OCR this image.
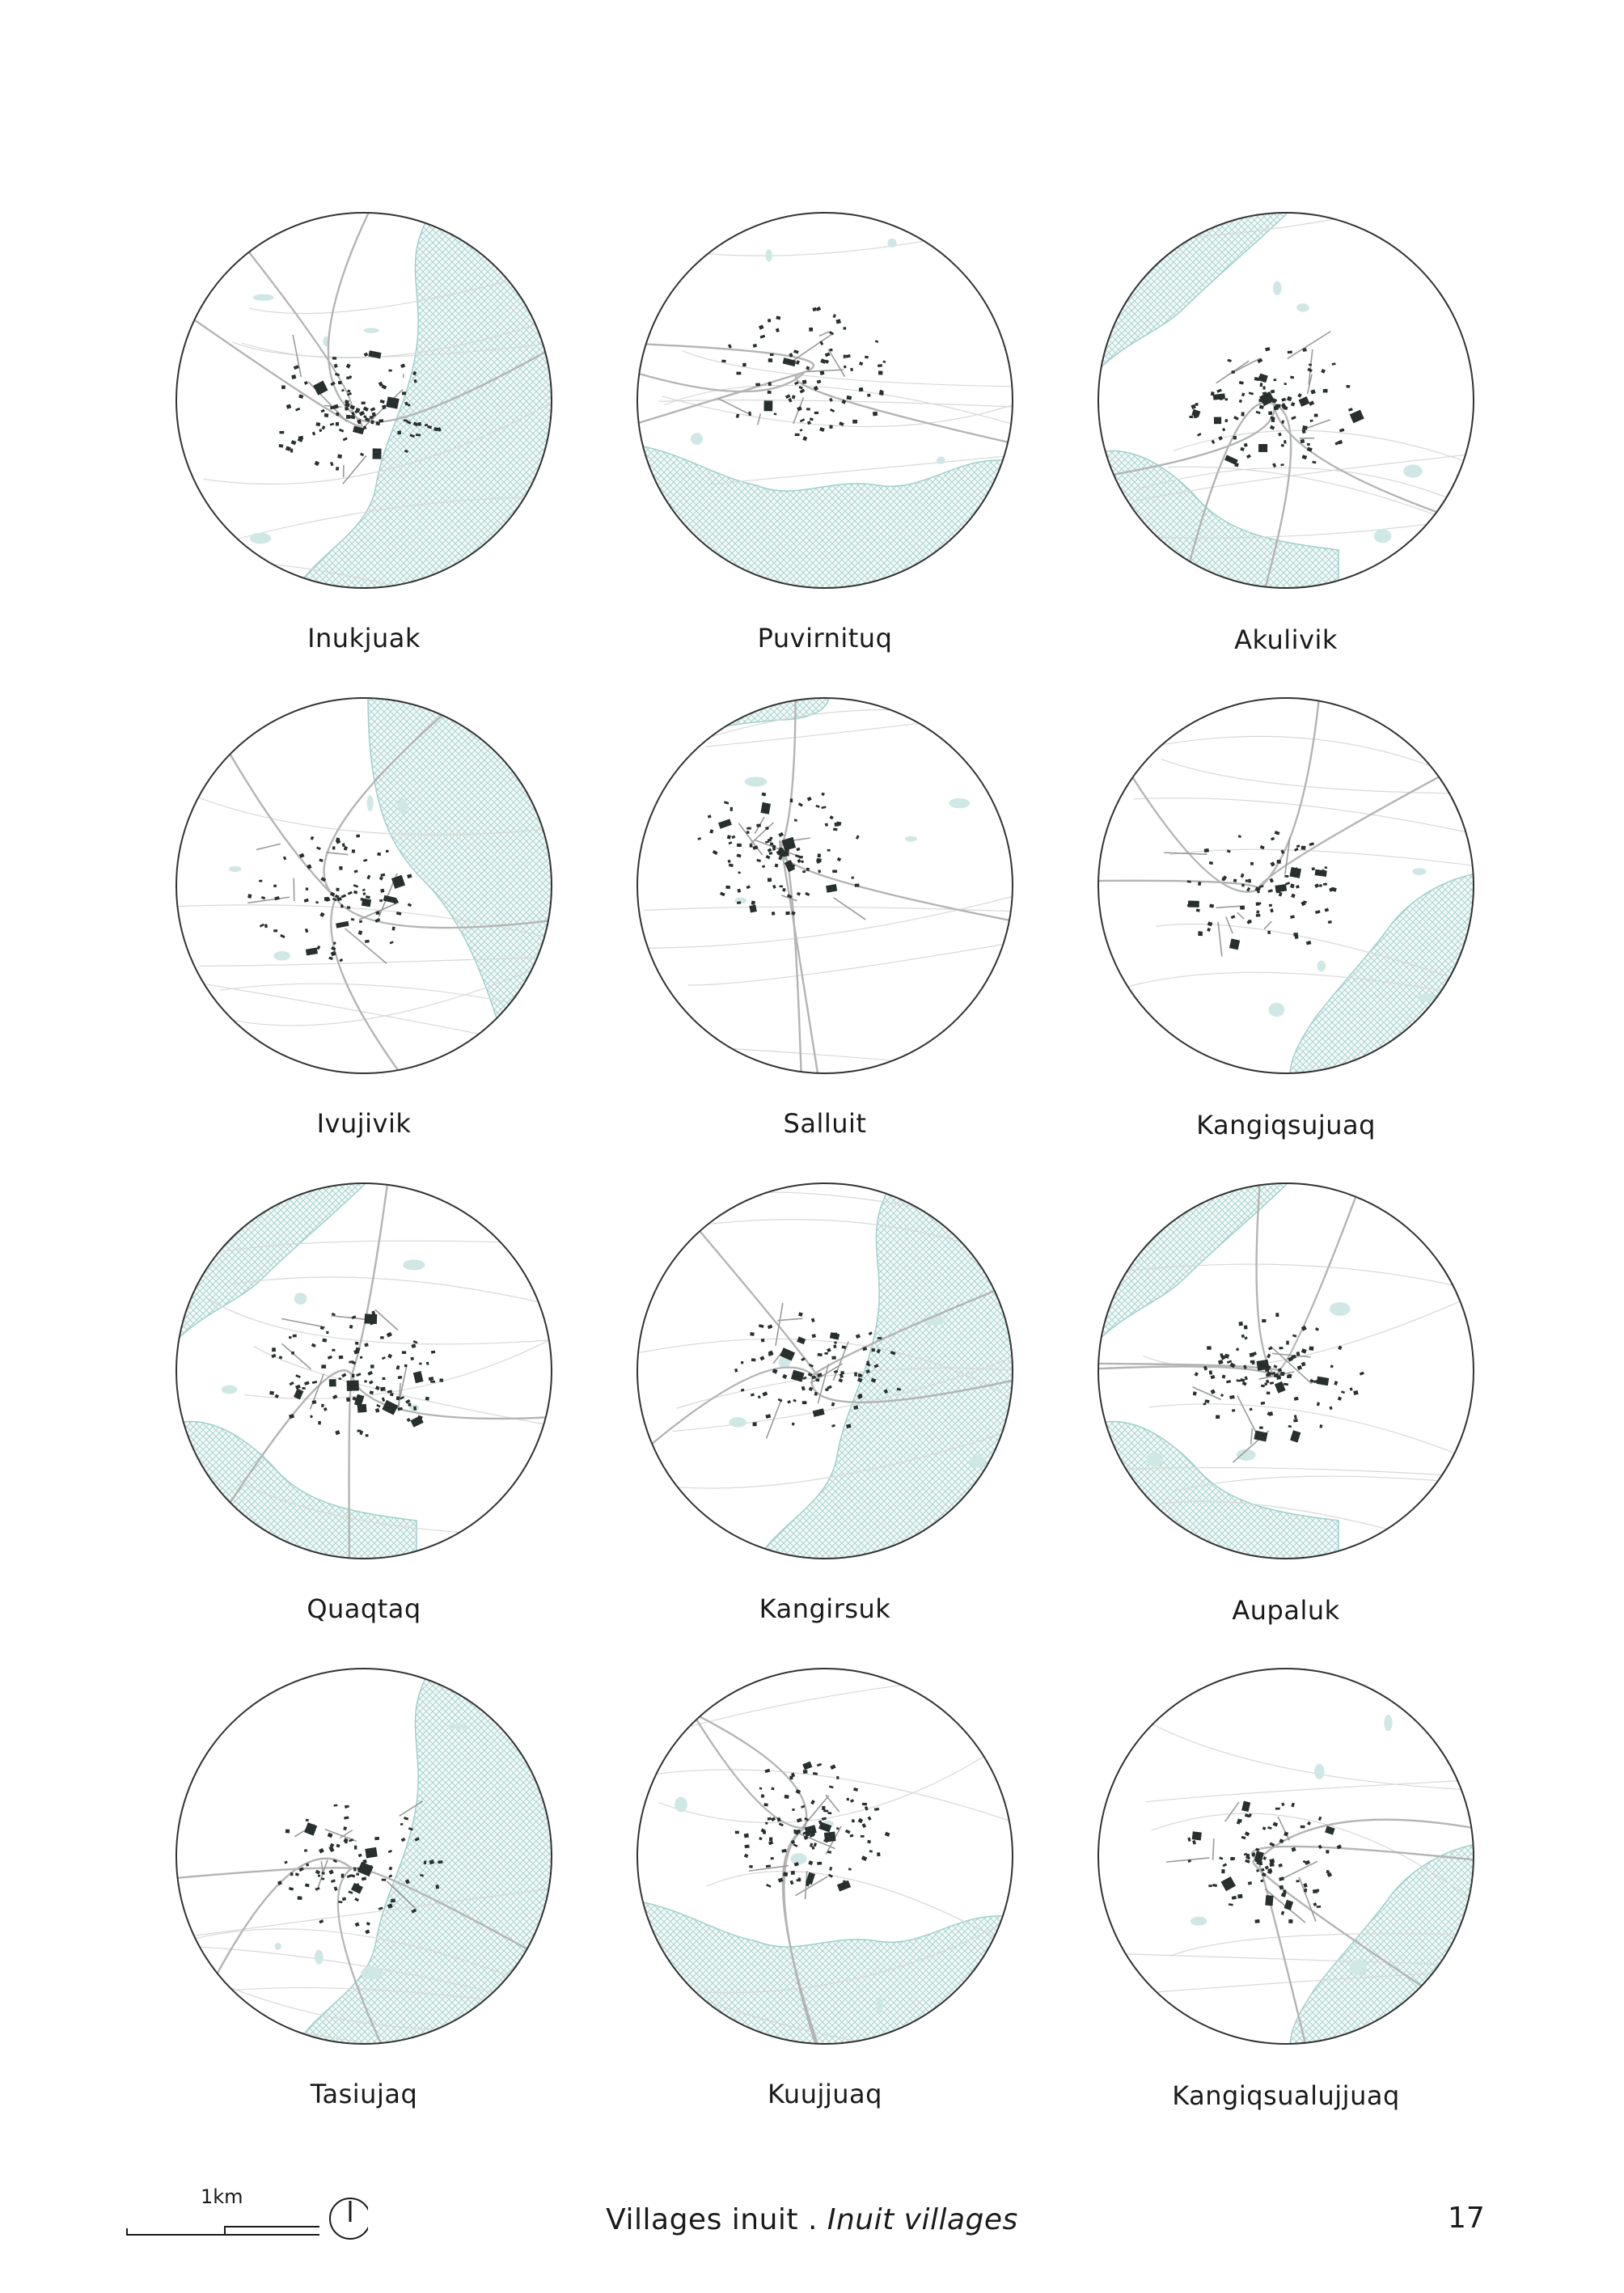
Inukjuak	Puvirnituq	Akulivik
Ivujivik	Salluit	Kangiqsujuaq
Quaqtaq	Kangirsuk	Aupaluk
Tasiujaq	Kuujjuaq	Kangiqsualujjuaq
1km
Villages inuit . Inuit villages	17
